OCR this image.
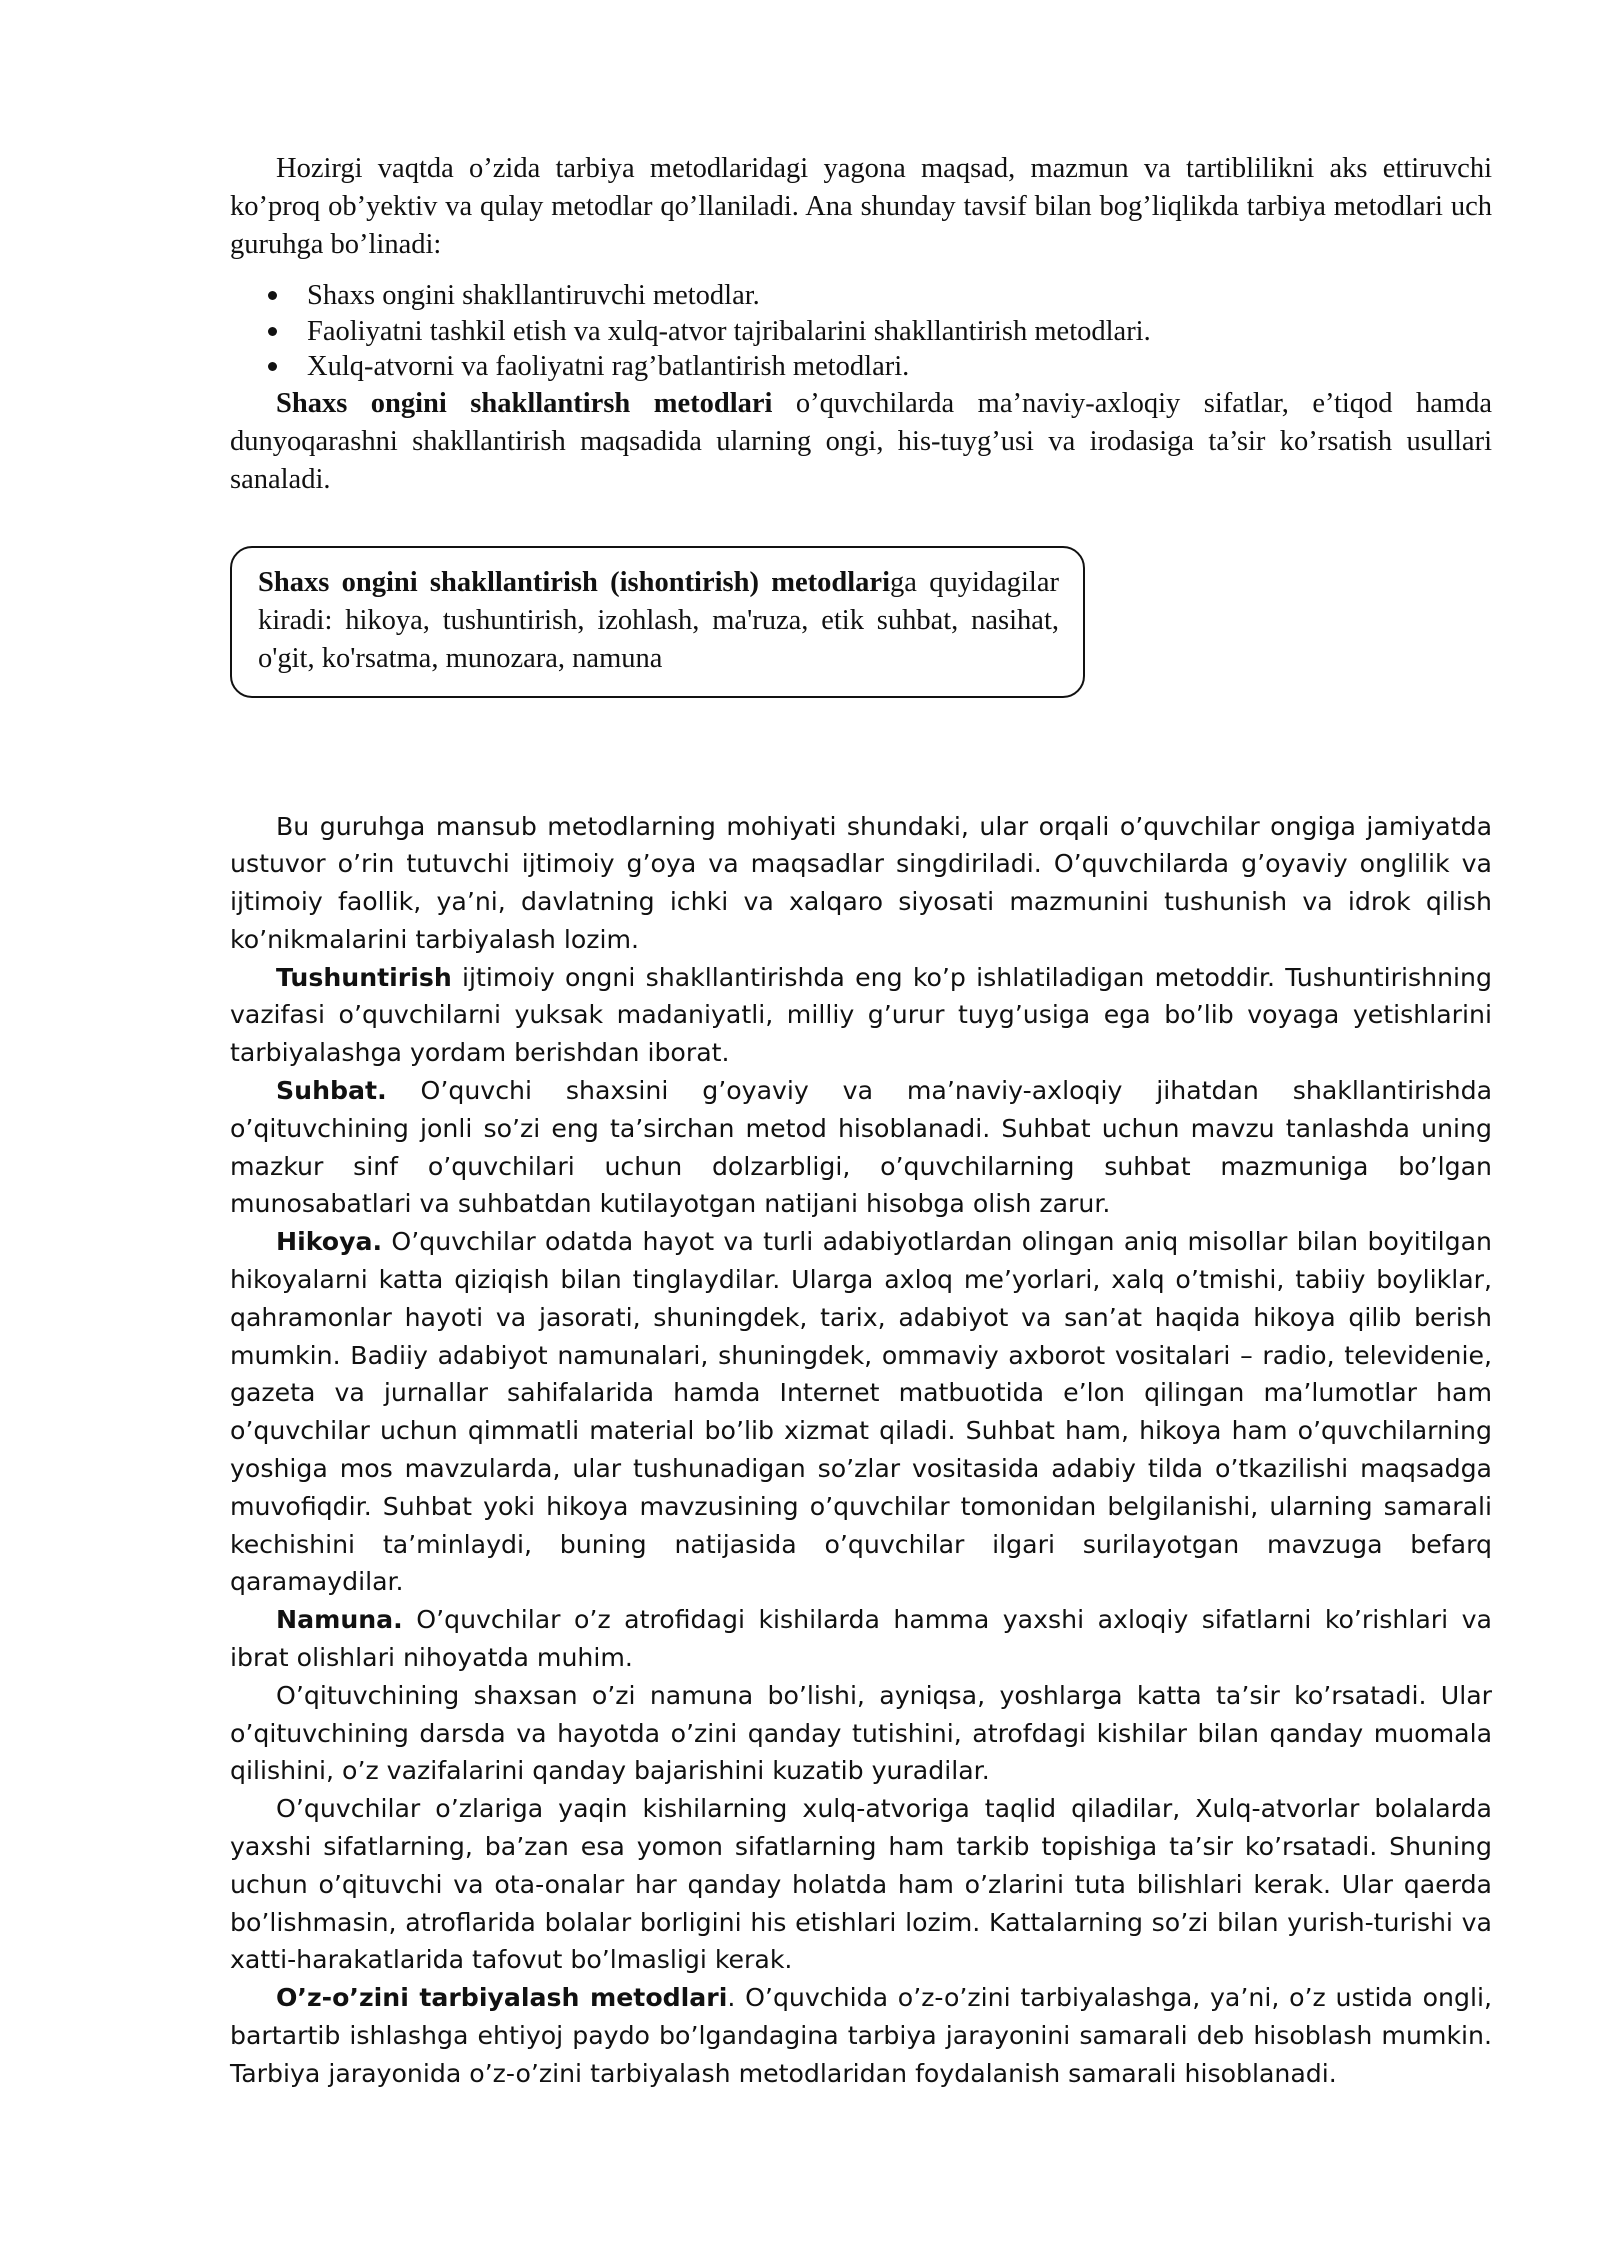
Hozirgi vaqtda o’zida tarbiya metodlaridagi yagona maqsad, mazmun va tartiblilikni aks ettiruvchi ko’proq ob’yektiv va qulay metodlar qo’llaniladi. Ana shunday tavsif bilan bog’liqlikda tarbiya metodlari uch guruhga bo’linadi:

Shaxs ongini shakllantiruvchi metodlar.
Faoliyatni tashkil etish va xulq-atvor tajribalarini shakllantirish metodlari.
Xulq-atvorni va faoliyatni rag’batlantirish metodlari.

Shaxs ongini shakllantirsh metodlari o’quvchilarda ma’naviy-axloqiy sifatlar, e’tiqod hamda dunyoqarashni shakllantirish maqsadida ularning ongi, his-tuyg’usi va irodasiga ta’sir ko’rsatish usullari sanaladi.

Shaxs ongini shakllantirish (ishontirish) metodlariga quyidagilar kiradi: hikoya, tushuntirish, izohlash, ma'ruza, etik suhbat, nasihat, o'git, ko'rsatma, munozara, namuna

Bu guruhga mansub metodlarning mohiyati shundaki, ular orqali o’quvchilar ongiga jamiyatda ustuvor o’rin tutuvchi ijtimoiy g’oya va maqsadlar singdiriladi. O’quvchilarda g’oyaviy onglilik va ijtimoiy faollik, ya’ni, davlatning ichki va xalqaro siyosati mazmunini tushunish va idrok qilish ko’nikmalarini tarbiyalash lozim.

Tushuntirish ijtimoiy ongni shakllantirishda eng ko’p ishlatiladigan metoddir. Tushuntirishning vazifasi o’quvchilarni yuksak madaniyatli, milliy g’urur tuyg’usiga ega bo’lib voyaga yetishlarini tarbiyalashga yordam berishdan iborat.

Suhbat. O’quvchi shaxsini g’oyaviy va ma’naviy-axloqiy jihatdan shakllantirishda o’qituvchining jonli so’zi eng ta’sirchan metod hisoblanadi. Suhbat uchun mavzu tanlashda uning mazkur sinf o’quvchilari uchun dolzarbligi, o’quvchilarning suhbat mazmuniga bo’lgan munosabatlari va suhbatdan kutilayotgan natijani hisobga olish zarur.

Hikoya. O’quvchilar odatda hayot va turli adabiyotlardan olingan aniq misollar bilan boyitilgan hikoyalarni katta qiziqish bilan tinglaydilar. Ularga axloq me’yorlari, xalq o’tmishi, tabiiy boyliklar, qahramonlar hayoti va jasorati, shuningdek, tarix, adabiyot va san’at haqida hikoya qilib berish mumkin. Badiiy adabiyot namunalari, shuningdek, ommaviy axborot vositalari – radio, televidenie, gazeta va jurnallar sahifalarida hamda Internet matbuotida e’lon qilingan ma’lumotlar ham o’quvchilar uchun qimmatli material bo’lib xizmat qiladi. Suhbat ham, hikoya ham o’quvchilarning yoshiga mos mavzularda, ular tushunadigan so’zlar vositasida adabiy tilda o’tkazilishi maqsadga muvofiqdir. Suhbat yoki hikoya mavzusining o’quvchilar tomonidan belgilanishi, ularning samarali kechishini ta’minlaydi, buning natijasida o’quvchilar ilgari surilayotgan mavzuga befarq qaramaydilar.

Namuna. O’quvchilar o’z atrofidagi kishilarda hamma yaxshi axloqiy sifatlarni ko’rishlari va ibrat olishlari nihoyatda muhim.

O’qituvchining shaxsan o’zi namuna bo’lishi, ayniqsa, yoshlarga katta ta’sir ko’rsatadi. Ular o’qituvchining darsda va hayotda o’zini qanday tutishini, atrofdagi kishilar bilan qanday muomala qilishini, o’z vazifalarini qanday bajarishini kuzatib yuradilar.

O’quvchilar o’zlariga yaqin kishilarning xulq-atvoriga taqlid qiladilar, Xulq-atvorlar bolalarda yaxshi sifatlarning, ba’zan esa yomon sifatlarning ham tarkib topishiga ta’sir ko’rsatadi. Shuning uchun o’qituvchi va ota-onalar har qanday holatda ham o’zlarini tuta bilishlari kerak. Ular qaerda bo’lishmasin, atroflarida bolalar borligini his etishlari lozim. Kattalarning so’zi bilan yurish-turishi va xatti-harakatlarida tafovut bo’lmasligi kerak.

O’z-o’zini tarbiyalash metodlari. O’quvchida o’z-o’zini tarbiyalashga, ya’ni, o’z ustida ongli, bartartib ishlashga ehtiyoj paydo bo’lgandagina tarbiya jarayonini samarali deb hisoblash mumkin. Tarbiya jarayonida o’z-o’zini tarbiyalash metodlaridan foydalanish samarali hisoblanadi.
